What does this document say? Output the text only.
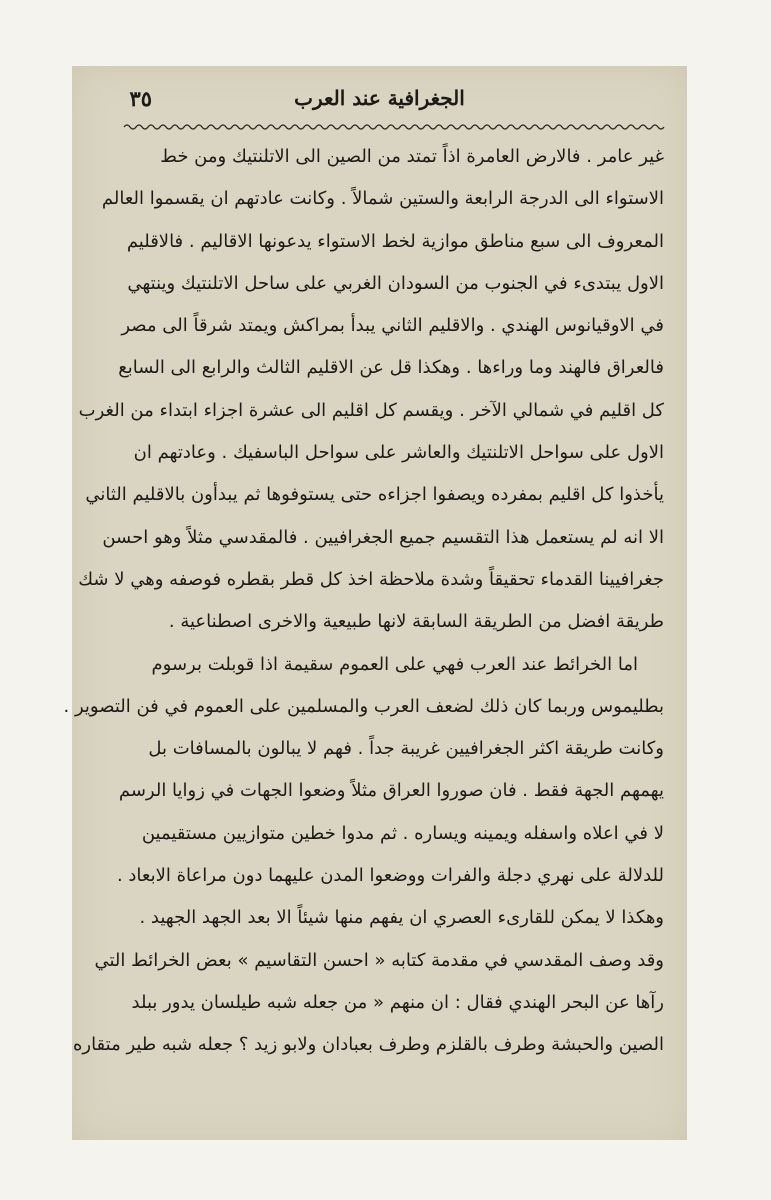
الجغرافية عند العرب
٣٥
غير عامر . فالارض العامرة اذاً تمتد من الصين الى الاتلنتيك ومن خط
الاستواء الى الدرجة الرابعة والستين شمالاً . وكانت عادتهم ان يقسموا العالم
المعروف الى سبع مناطق موازية لخط الاستواء يدعونها الاقاليم . فالاقليم
الاول يبتدىء في الجنوب من السودان الغربي على ساحل الاتلنتيك وينتهي
في الاوقيانوس الهندي . والاقليم الثاني يبدأ بمراكش ويمتد شرقاً الى مصر
فالعراق فالهند وما وراءها . وهكذا قل عن الاقليم الثالث والرابع الى السابع
كل اقليم في شمالي الآخر . ويقسم كل اقليم الى عشرة اجزاء ابتداء من الغرب
الاول على سواحل الاتلنتيك والعاشر على سواحل الباسفيك . وعادتهم ان
يأخذوا كل اقليم بمفرده ويصفوا اجزاءه حتى يستوفوها ثم يبدأون بالاقليم الثاني
الا انه لم يستعمل هذا التقسيم جميع الجغرافيين . فالمقدسي مثلاً وهو احسن
جغرافيينا القدماء تحقيقاً وشدة ملاحظة اخذ كل قطر بقطره فوصفه وهي لا شك
طريقة افضل من الطريقة السابقة لانها طبيعية والاخرى اصطناعية .
اما الخرائط عند العرب فهي على العموم سقيمة اذا قوبلت برسوم
بطليموس وربما كان ذلك لضعف العرب والمسلمين على العموم في فن التصوير .
وكانت طريقة اكثر الجغرافيين غريبة جداً . فهم لا يبالون بالمسافات بل
يهمهم الجهة فقط . فان صوروا العراق مثلاً وضعوا الجهات في زوايا الرسم
لا في اعلاه واسفله ويمينه ويساره . ثم مدوا خطين متوازيين مستقيمين
للدلالة على نهري دجلة والفرات ووضعوا المدن عليهما دون مراعاة الابعاد .
وهكذا لا يمكن للقارىء العصري ان يفهم منها شيئاً الا بعد الجهد الجهيد .
وقد وصف المقدسي في مقدمة كتابه « احسن التقاسيم » بعض الخرائط التي
رآها عن البحر الهندي فقال : ان منهم « من جعله شبه طيلسان يدور ببلد
الصين والحبشة وطرف بالقلزم وطرف بعبادان ولابو زيد ؟ جعله شبه طير متقاره
